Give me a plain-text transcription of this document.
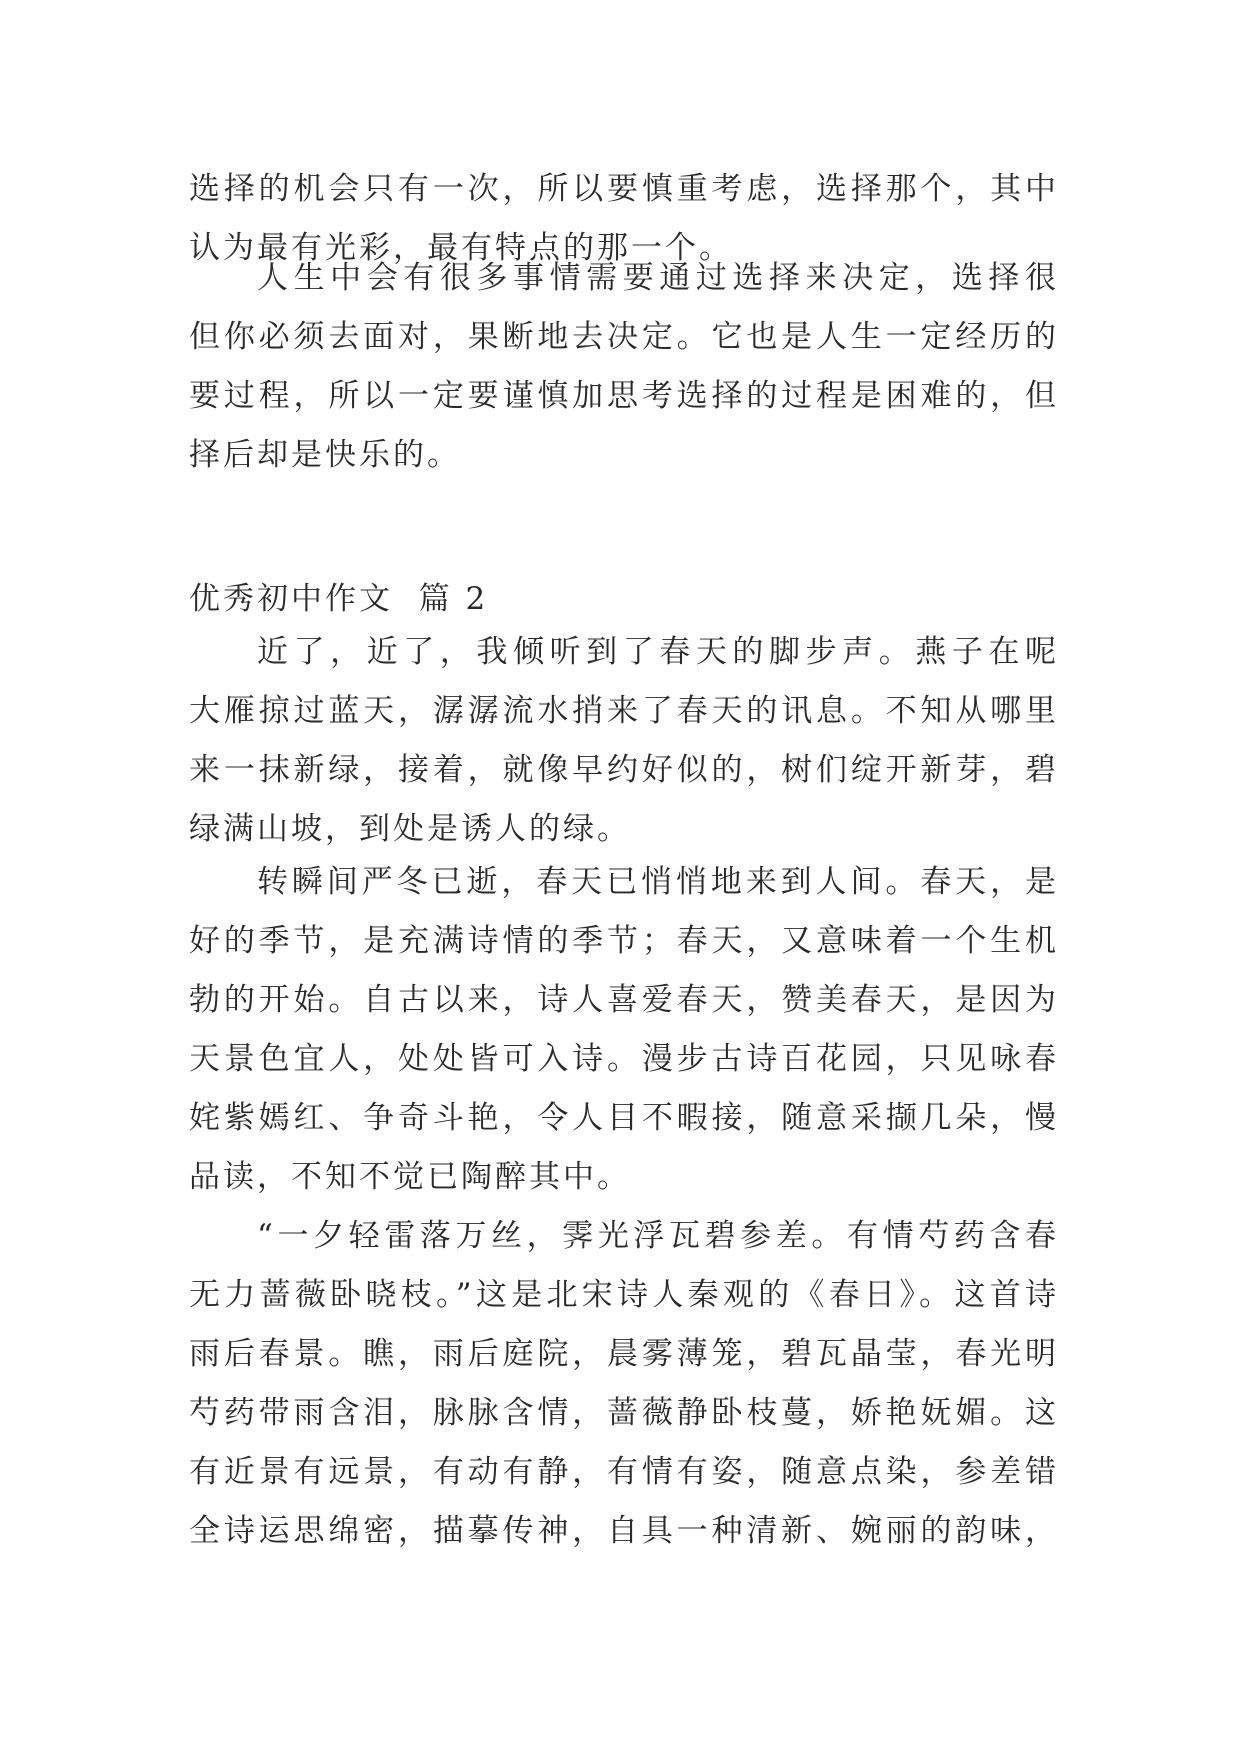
选择的机会只有一次，所以要慎重考虑，选择那个，其中
认为最有光彩，最有特点的那一个。
人生中会有很多事情需要通过选择来决定，选择很
但你必须去面对，果断地去决定。它也是人生一定经历的
要过程，所以一定要谨慎加思考选择的过程是困难的，但
择后却是快乐的。
优秀初中作文  篇 2
近了，近了，我倾听到了春天的脚步声。燕子在呢
大雁掠过蓝天，潺潺流水捎来了春天的讯息。不知从哪里
来一抹新绿，接着，就像早约好似的，树们绽开新芽，碧
绿满山坡，到处是诱人的绿。
转瞬间严冬已逝，春天已悄悄地来到人间。春天，是
好的季节，是充满诗情的季节；春天，又意味着一个生机
勃的开始。自古以来，诗人喜爱春天，赞美春天，是因为
天景色宜人，处处皆可入诗。漫步古诗百花园，只见咏春
姹紫嫣红、争奇斗艳，令人目不暇接，随意采撷几朵，慢
品读，不知不觉已陶醉其中。
“一夕轻雷落万丝，霁光浮瓦碧参差。有情芍药含春
无力蔷薇卧晓枝。”这是北宋诗人秦观的《春日》。这首诗
雨后春景。瞧，雨后庭院，晨雾薄笼，碧瓦晶莹，春光明
芍药带雨含泪，脉脉含情，蔷薇静卧枝蔓，娇艳妩媚。这
有近景有远景，有动有静，有情有姿，随意点染，参差错
全诗运思绵密，描摹传神，自具一种清新、婉丽的韵味，
